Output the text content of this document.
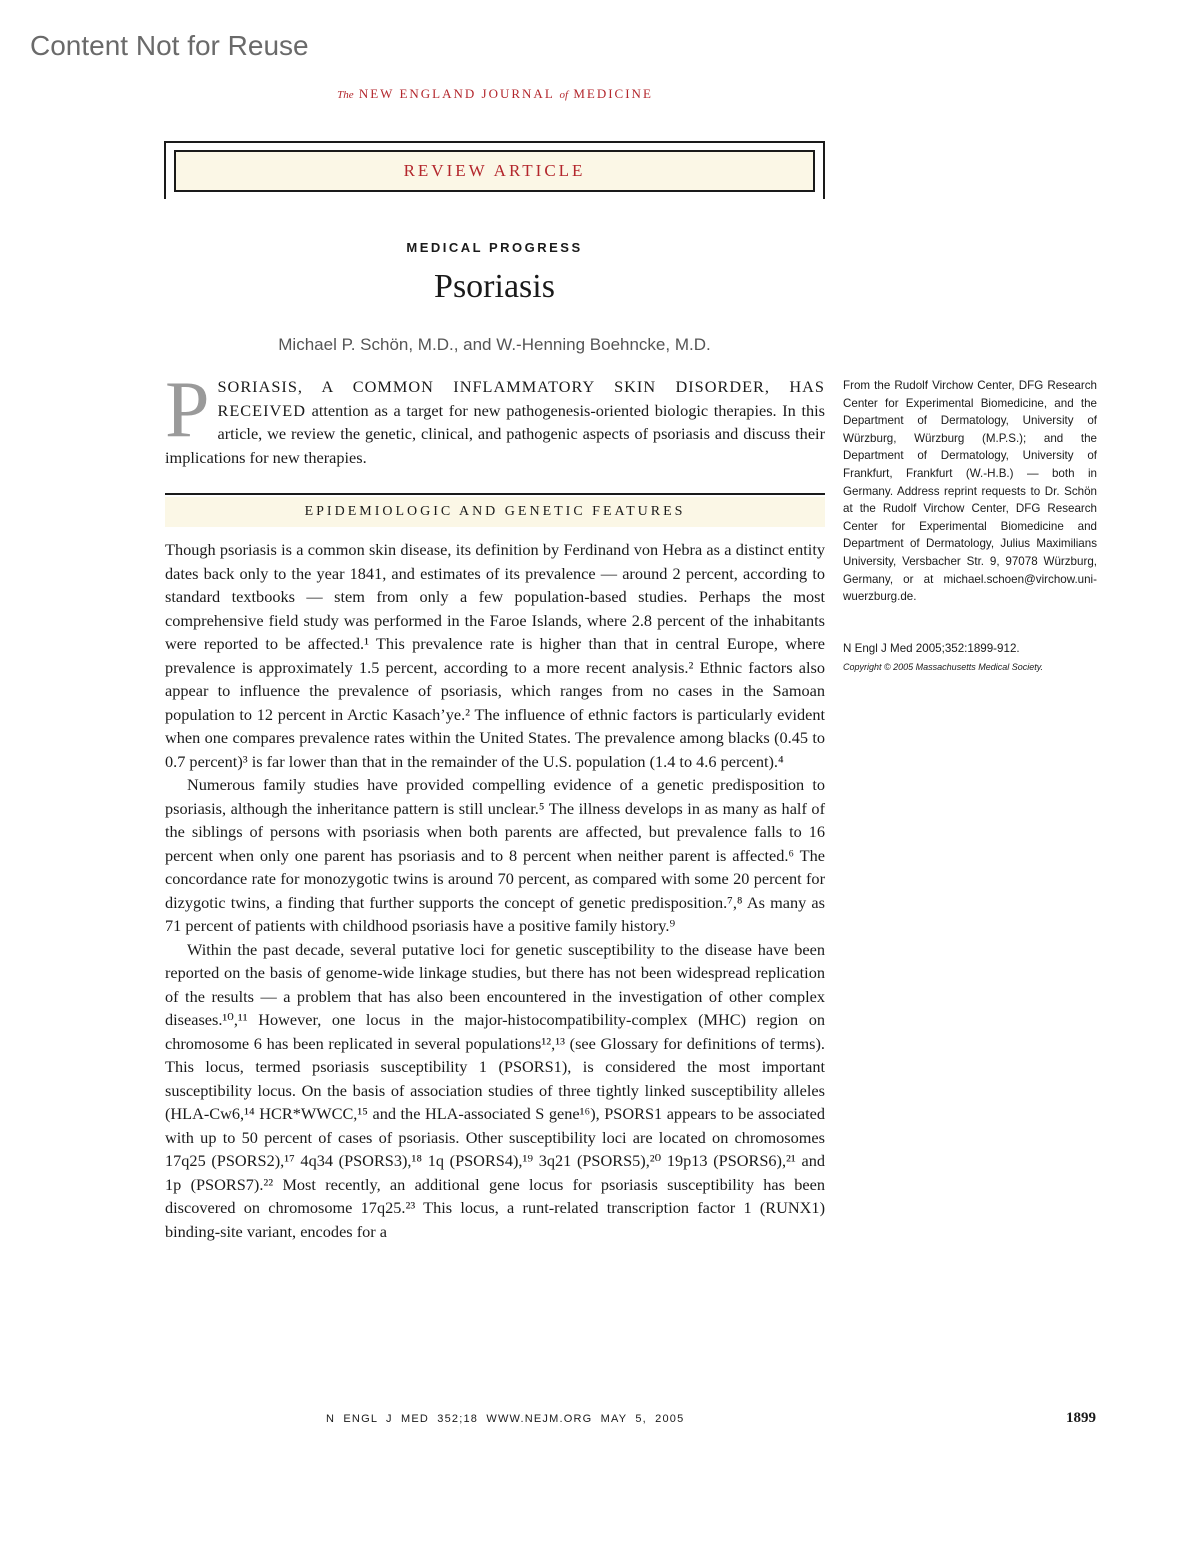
Content Not for Reuse
The NEW ENGLAND JOURNAL of MEDICINE
REVIEW ARTICLE
MEDICAL PROGRESS
Psoriasis
Michael P. Schön, M.D., and W.-Henning Boehncke, M.D.
P SORIASIS, A COMMON INFLAMMATORY SKIN DISORDER, HAS RECEIVED attention as a target for new pathogenesis-oriented biologic therapies. In this article, we review the genetic, clinical, and pathogenic aspects of psoriasis and discuss their implications for new therapies.
EPIDEMIOLOGIC AND GENETIC FEATURES

Though psoriasis is a common skin disease, its definition by Ferdinand von Hebra as a distinct entity dates back only to the year 1841, and estimates of its prevalence — around 2 percent, according to standard textbooks — stem from only a few population-based studies. Perhaps the most comprehensive field study was performed in the Faroe Islands, where 2.8 percent of the inhabitants were reported to be affected.¹ This prevalence rate is higher than that in central Europe, where prevalence is approximately 1.5 percent, according to a more recent analysis.² Ethnic factors also appear to influence the prevalence of psoriasis, which ranges from no cases in the Samoan population to 12 percent in Arctic Kasach’ye.² The influence of ethnic factors is particularly evident when one compares prevalence rates within the United States. The prevalence among blacks (0.45 to 0.7 percent)³ is far lower than that in the remainder of the U.S. population (1.4 to 4.6 percent).⁴

Numerous family studies have provided compelling evidence of a genetic predisposition to psoriasis, although the inheritance pattern is still unclear.⁵ The illness develops in as many as half of the siblings of persons with psoriasis when both parents are affected, but prevalence falls to 16 percent when only one parent has psoriasis and to 8 percent when neither parent is affected.⁶ The concordance rate for monozygotic twins is around 70 percent, as compared with some 20 percent for dizygotic twins, a finding that further supports the concept of genetic predisposition.⁷,⁸ As many as 71 percent of patients with childhood psoriasis have a positive family history.⁹

Within the past decade, several putative loci for genetic susceptibility to the disease have been reported on the basis of genome-wide linkage studies, but there has not been widespread replication of the results — a problem that has also been encountered in the investigation of other complex diseases.¹⁰,¹¹ However, one locus in the major-histocompatibility-complex (MHC) region on chromosome 6 has been replicated in several populations¹²,¹³ (see Glossary for definitions of terms). This locus, termed psoriasis susceptibility 1 (PSORS1), is considered the most important susceptibility locus. On the basis of association studies of three tightly linked susceptibility alleles (HLA-Cw6,¹⁴ HCR*WWCC,¹⁵ and the HLA-associated S gene¹⁶), PSORS1 appears to be associated with up to 50 percent of cases of psoriasis. Other susceptibility loci are located on chromosomes 17q25 (PSORS2),¹⁷ 4q34 (PSORS3),¹⁸ 1q (PSORS4),¹⁹ 3q21 (PSORS5),²⁰ 19p13 (PSORS6),²¹ and 1p (PSORS7).²² Most recently, an additional gene locus for psoriasis susceptibility has been discovered on chromosome 17q25.²³ This locus, a runt-related transcription factor 1 (RUNX1) binding-site variant, encodes for a

From the Rudolf Virchow Center, DFG Research Center for Experimental Biomedicine, and the Department of Dermatology, University of Würzburg, Würzburg (M.P.S.); and the Department of Dermatology, University of Frankfurt, Frankfurt (W.-H.B.) — both in Germany. Address reprint requests to Dr. Schön at the Rudolf Virchow Center, DFG Research Center for Experimental Biomedicine and Department of Dermatology, Julius Maximilians University, Versbacher Str. 9, 97078 Würzburg, Germany, or at michael.schoen@virchow.uni-wuerzburg.de.
N Engl J Med 2005;352:1899-912.
Copyright © 2005 Massachusetts Medical Society.
N ENGL J MED 352;18 WWW.NEJM.ORG MAY 5, 2005	1899
